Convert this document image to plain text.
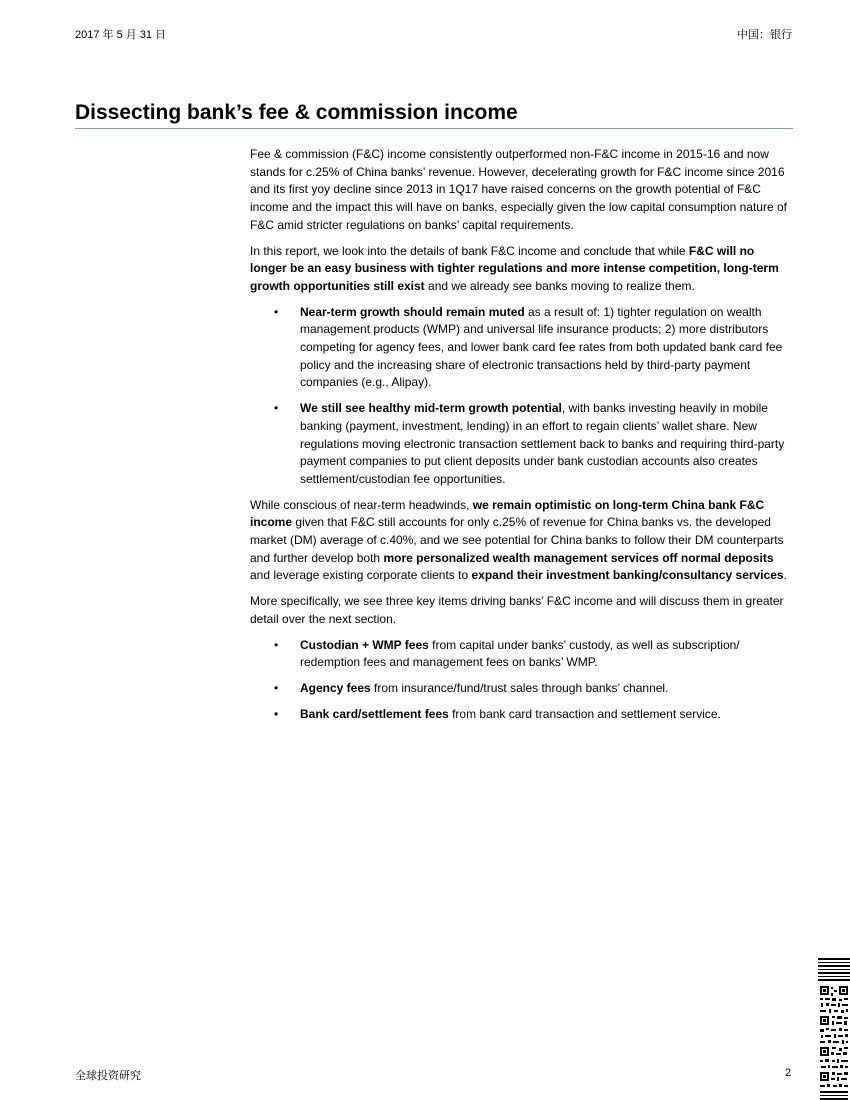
2017 年 5 月 31 日	中国：银行
Dissecting bank’s fee & commission income

Fee & commission (F&C) income consistently outperformed non-F&C income in 2015-16 and now stands for c.25% of China banks’ revenue. However, decelerating growth for F&C income since 2016 and its first yoy decline since 2013 in 1Q17 have raised concerns on the growth potential of F&C income and the impact this will have on banks, especially given the low capital consumption nature of F&C amid stricter regulations on banks’ capital requirements.

In this report, we look into the details of bank F&C income and conclude that while F&C will no longer be an easy business with tighter regulations and more intense competition, long-term growth opportunities still exist and we already see banks moving to realize them.

• Near-term growth should remain muted as a result of: 1) tighter regulation on wealth management products (WMP) and universal life insurance products; 2) more distributors competing for agency fees, and lower bank card fee rates from both updated bank card fee policy and the increasing share of electronic transactions held by third-party payment companies (e.g., Alipay).
• We still see healthy mid-term growth potential, with banks investing heavily in mobile banking (payment, investment, lending) in an effort to regain clients’ wallet share. New regulations moving electronic transaction settlement back to banks and requiring third-party payment companies to put client deposits under bank custodian accounts also creates settlement/custodian fee opportunities.

While conscious of near-term headwinds, we remain optimistic on long-term China bank F&C income given that F&C still accounts for only c.25% of revenue for China banks vs. the developed market (DM) average of c.40%, and we see potential for China banks to follow their DM counterparts and further develop both more personalized wealth management services off normal deposits and leverage existing corporate clients to expand their investment banking/consultancy services.

More specifically, we see three key items driving banks’ F&C income and will discuss them in greater detail over the next section.

• Custodian + WMP fees from capital under banks’ custody, as well as subscription/ redemption fees and management fees on banks’ WMP.
• Agency fees from insurance/fund/trust sales through banks’ channel.
• Bank card/settlement fees from bank card transaction and settlement service.
全球投资研究	2
